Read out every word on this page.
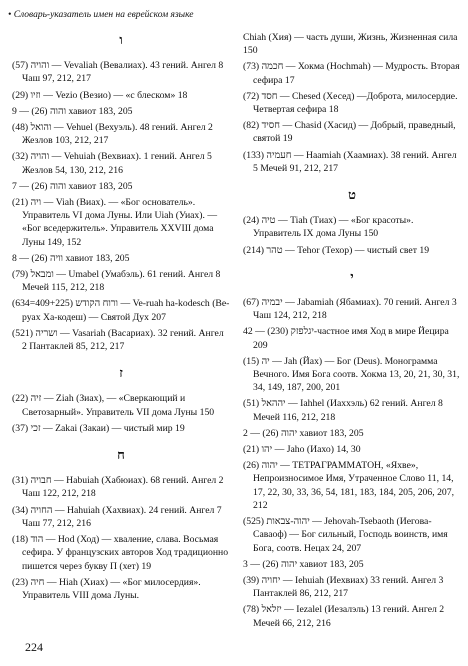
• Словарь-указатель имен на еврейском языке
ו
והויה (57) — Vevaliah (Вевалиах). 43 гений. Ангел 8 Чаш 97, 212, 217
וזיו (29) — Vezio (Везио) — «с блеском» 18
והוה (26) — 9 хавиот 183, 205
והואל (48) — Vehuel (Вехуэль). 48 гений. Ангел 2 Жезлов 103, 212, 217
והויה (32) — Vehuiah (Вехвиах). 1 гений. Ангел 5 Жезлов 54, 130, 212, 216
והוה (26) — 7 хавиот 183, 205
ויה (21) — Viah (Виах). — «Бог основатель». Управитель VI дома Луны. Или Uiah (Уиах). — «Бог вседержитель». Управитель XXVIII дома Луны 149, 152
וויה (26) — 8 хавиот 183, 205
ומבאל (79) — Umabel (Умабэль). 61 гений. Ангел 8 Мечей 115, 212, 218
ורוח הקודש (409+225=634) — Ve-ruah ha-kodesch (Ве-руах Ха-кодеш) — Святой Дух 207
ושריה (521) — Vasariah (Васариах). 32 гений. Ангел 2 Пантаклей 85, 212, 217
ז
זיה (22) — Ziah (Зиах), — «Сверкающий и Светозарный». Управитель VII дома Луны 150
זכי (37) — Zakai (Закаи) — чистый мир 19
ח
חבויה (31) — Habuiah (Хабюиах). 68 гений. Ангел 2 Чаш 122, 212, 218
החויה (34) — Hahuiah (Хахвиах). 24 гений. Ангел 7 Чаш 77, 212, 216
הוד (18) — Hod (Ход) — хваление, слава. Восьмая сефира. У французских авторов Ход традиционно пишется через букву П (хет) 19
חיה (23) — Hiah (Хиах) — «Бог милосердия». Управитель VIII дома Луны.
Chiah (Хия) — часть души, Жизнь, Жизненная сила 150
חכמה (73) — Хокма (Hochmah) — Мудрость. Вторая сефира 17
חסד (72) — Chesed (Хесед) —Доброта, милосердие. Четвертая сефира 18
חסיד (82) — Chasid (Хасид) — Добрый, праведный, святой 19
חעמיה (133) — Haamiah (Хаамиах). 38 гений. Ангел 5 Мечей 91, 212, 217
ט
טיה (24) — Tiah (Тиах) — «Бог красоты». Управитель IX дома Луны 150
טהר (214) — Tehor (Техор) — чистый свет 19
י
יבמיה (67) — Jabamiah (Ябамиах). 70 гений. Ангел 3 Чаш 124, 212, 218
יגלפזק (230) — 42-частное имя Ход в мире Йецира 209
יה (15) — Jah (Йах) — Бог (Deus). Монограмма Вечного. Имя Бога соотв. Хокма 13, 20, 21, 30, 31, 34, 149, 187, 200, 201
יההאל (51) — Iahhel (Иаххэль) 62 гений. Ангел 8 Мечей 116, 212, 218
יהוה (26) — 2 хавиот 183, 205
יהו (21) — Jaho (Иахо) 14, 30
יהוה (26) — ТЕТРАГРАММАТОН, «Яхве», Непроизносимое Имя, Утраченное Слово 11, 14, 17, 22, 30, 33, 36, 54, 181, 183, 184, 205, 206, 207, 212
יהוה-צבאות (525) — Jehovah-Tsebaoth (Иегова-Саваоф) — Бог сильный, Господь воинств, имя Бога, соотв. Нецах 24, 207
יהוה (26) — 3 хавиот 183, 205
יחויה (39) — Iehuiah (Иехвиах) 33 гений. Ангел 3 Пантаклей 86, 212, 217
יזלאל (78) — Iezalel (Иезалэль) 13 гений. Ангел 2 Мечей 66, 212, 216
224
